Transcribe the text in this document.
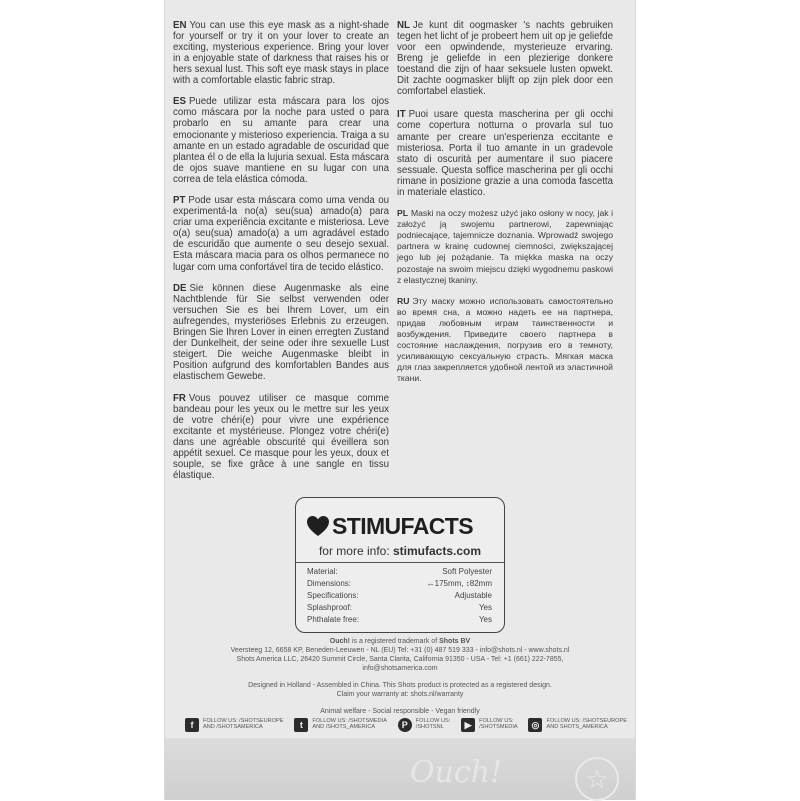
EN You can use this eye mask as a night-shade for yourself or try it on your lover to create an exciting, mysterious experience. Bring your lover in a enjoyable state of darkness that raises his or hers sexual lust. This soft eye mask stays in place with a comfortable elastic fabric strap.

ES Puede utilizar esta máscara para los ojos como máscara por la noche para usted o para probarlo en su amante para crear una emocionante y misterioso experiencia. Traiga a su amante en un estado agradable de oscuridad que plantea él o de ella la lujuria sexual. Esta máscara de ojos suave mantiene en su lugar con una correa de tela elástica cómoda.

PT Pode usar esta máscara como uma venda ou experimentá-la no(a) seu(sua) amado(a) para criar uma experiência excitante e misteriosa. Leve o(a) seu(sua) amado(a) a um agradável estado de escuridão que aumente o seu desejo sexual. Esta máscara macia para os olhos permanece no lugar com uma confortável tira de tecido elástico.

DE Sie können diese Augenmaske als eine Nachtblende für Sie selbst verwenden oder versuchen Sie es bei Ihrem Lover, um ein aufregendes, mysteriöses Erlebnis zu erzeugen. Bringen Sie Ihren Lover in einen erregten Zustand der Dunkelheit, der seine oder ihre sexuelle Lust steigert. Die weiche Augenmaske bleibt in Position aufgrund des komfortablen Bandes aus elastischem Gewebe.

FR Vous pouvez utiliser ce masque comme bandeau pour les yeux ou le mettre sur les yeux de votre chéri(e) pour vivre une expérience excitante et mystérieuse. Plongez votre chéri(e) dans une agréable obscurité qui éveillera son appétit sexuel. Ce masque pour les yeux, doux et souple, se fixe grâce à une sangle en tissu élastique.

NL Je kunt dit oogmasker 's nachts gebruiken tegen het licht of je probeert hem uit op je geliefde voor een opwindende, mysterieuze ervaring. Breng je geliefde in een plezierige donkere toestand die zijn of haar seksuele lusten opwekt. Dit zachte oogmasker blijft op zijn plek door een comfortabel elastiek.

IT Puoi usare questa mascherina per gli occhi come copertura notturna o provarla sul tuo amante per creare un'esperienza eccitante e misteriosa. Porta il tuo amante in un gradevole stato di oscurità per aumentare il suo piacere sessuale. Questa soffice mascherina per gli occhi rimane in posizione grazie a una comoda fascetta in materiale elastico.

PL Maski na oczy możesz użyć jako osłony w nocy, jak i założyć ją swojemu partnerowi, zapewniając podniecające, tajemnicze doznania. Wprowadź swojego partnera w krainę cudownej ciemności, zwiększającej jego lub jej pożądanie. Ta miękka maska na oczy pozostaje na swoim miejscu dzięki wygodnemu paskowi z elastycznej tkaniny.

RU Эту маску можно использовать самостоятельно во время сна, а можно надеть ее на партнера, придав любовным играм таинственности и возбуждения. Приведите своего партнера в состояние наслаждения, погрузив его в темноту, усиливающую сексуальную страсть. Мягкая маска для глаз закрепляется удобной лентой из эластичной ткани.

STIMUFACTS
for more info: stimufacts.com
Material:	Soft Polyester
Dimensions:	↔175mm, ↕82mm
Specifications:	Adjustable
Splashproof:	Yes
Phthalate free:	Yes
Ouch! is a registered trademark of Shots BV
Veersteeg 12, 6658 KP, Beneden-Leeuwen - NL (EU) Tel: +31 (0) 487 519 333 - info@shots.nl - www.shots.nl
Shots America LLC, 26420 Summit Circle, Santa Clarita, California 91350 - USA - Tel: +1 (661) 222-7855,
info@shotsamerica.com
Designed in Holland - Assembled in China. This Shots product is protected as a registered design.
Claim your warranty at: shots.nl/warranty
Animal welfare - Social responsible - Vegan friendly
f	FOLLOW US: /SHOTSEUROPE
AND /SHOTSAMERICA	t	FOLLOW US: /SHOTSMEDIA
AND /SHOTS_AMERICA	P	FOLLOW US:
/SHOTSNL	▶	FOLLOW US:
/SHOTSMEDIA	◎	FOLLOW US: /SHOTSEUROPE
AND SHOTS_AMERICA
Ouch!	☆
